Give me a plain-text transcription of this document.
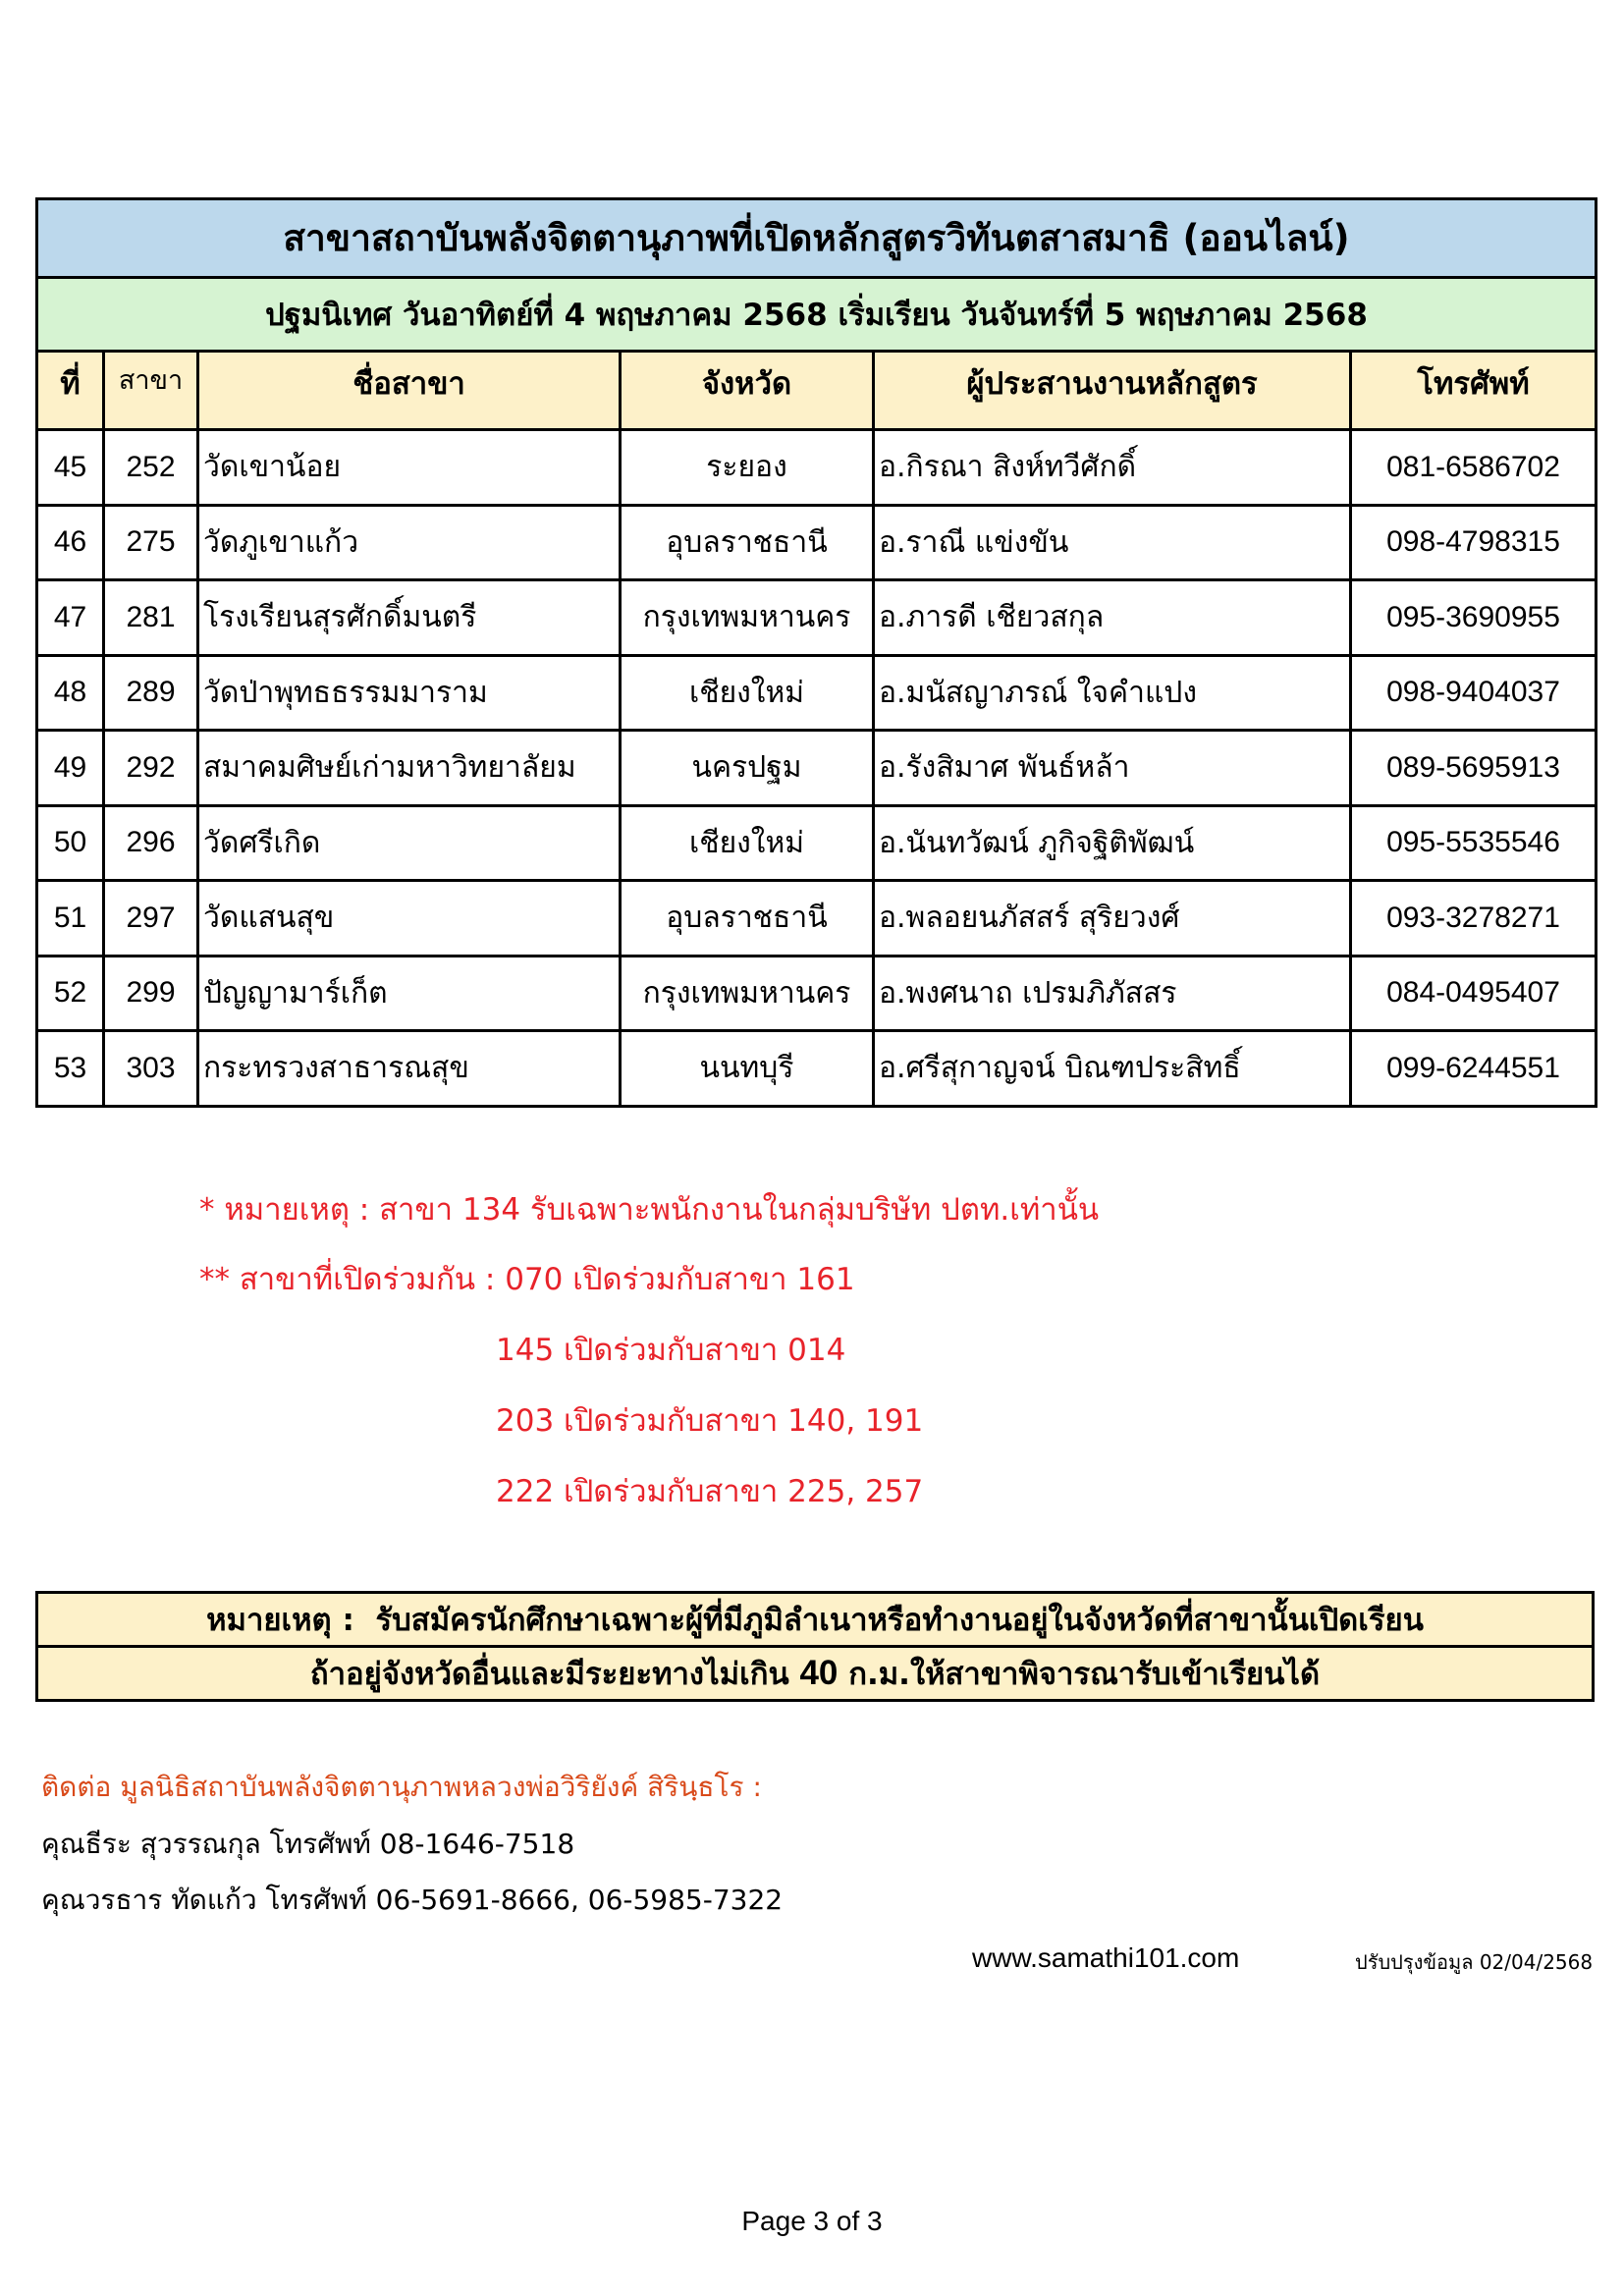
สาขาสถาบันพลังจิตตานุภาพที่เปิดหลักสูตรวิทันตสาสมาธิ (ออนไลน์)					
ปฐมนิเทศ วันอาทิตย์ที่ 4 พฤษภาคม 2568 เริ่มเรียน วันจันทร์ที่ 5 พฤษภาคม 2568					
ที่	สาขา	ชื่อสาขา	จังหวัด	ผู้ประสานงานหลักสูตร	โทรศัพท์
45	252	วัดเขาน้อย	ระยอง	อ.กิรณา สิงห์ทวีศักดิ์	081-6586702
46	275	วัดภูเขาแก้ว	อุบลราชธานี	อ.ราณี แข่งขัน	098-4798315
47	281	โรงเรียนสุรศักดิ์มนตรี	กรุงเทพมหานคร	อ.ภารดี เชียวสกุล	095-3690955
48	289	วัดป่าพุทธธรรมมาราม	เชียงใหม่	อ.มนัสญาภรณ์ ใจคำแปง	098-9404037
49	292	สมาคมศิษย์เก่ามหาวิทยาลัยม	นครปฐม	อ.รังสิมาศ พันธ์หล้า	089-5695913
50	296	วัดศรีเกิด	เชียงใหม่	อ.นันทวัฒน์ ภูกิจฐิติพัฒน์	095-5535546
51	297	วัดแสนสุข	อุบลราชธานี	อ.พลอยนภัสสร์ สุริยวงศ์	093-3278271
52	299	ปัญญามาร์เก็ต	กรุงเทพมหานคร	อ.พงศนาถ เปรมภิภัสสร	084-0495407
53	303	กระทรวงสาธารณสุข	นนทบุรี	อ.ศรีสุกาญจน์ บิณฑประสิทธิ์	099-6244551
* หมายเหตุ : สาขา 134 รับเฉพาะพนักงานในกลุ่มบริษัท ปตท.เท่านั้น
** สาขาที่เปิดร่วมกัน : 070 เปิดร่วมกับสาขา 161
145 เปิดร่วมกับสาขา 014
203 เปิดร่วมกับสาขา 140, 191
222 เปิดร่วมกับสาขา 225, 257
หมายเหตุ : รับสมัครนักศึกษาเฉพาะผู้ที่มีภูมิลำเนาหรือทำงานอยู่ในจังหวัดที่สาขานั้นเปิดเรียน
ถ้าอยู่จังหวัดอื่นและมีระยะทางไม่เกิน 40 ก.ม.ให้สาขาพิจารณารับเข้าเรียนได้
ติดต่อ มูลนิธิสถาบันพลังจิตตานุภาพหลวงพ่อวิริยังค์ สิรินฺธโร :
คุณธีระ สุวรรณกุล โทรศัพท์ 08-1646-7518
คุณวรธาร ทัดแก้ว โทรศัพท์ 06-5691-8666, 06-5985-7322
www.samathi101.com	ปรับปรุงข้อมูล 02/04/2568
Page 3 of 3
